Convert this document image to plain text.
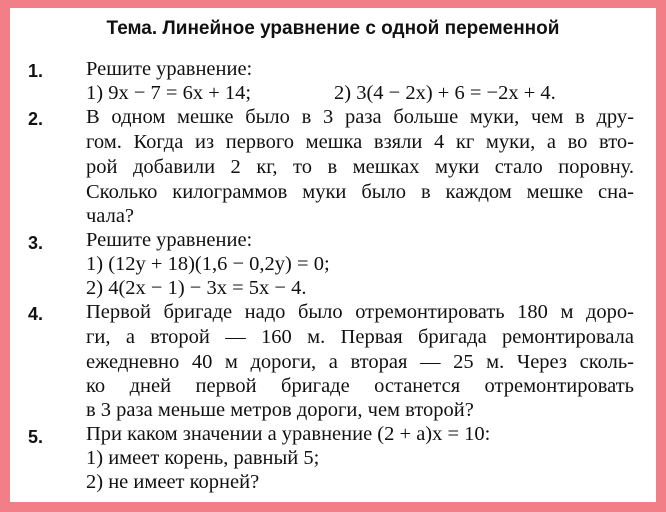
Тема. Линейное уравнение с одной переменной
1.	Решите уравнение:
1) 9x − 7 = 6x + 14;	2) 3(4 − 2x) + 6 = −2x + 4.
2.	В одном мешке было в 3 раза больше муки, чем в дру-
гом. Когда из первого мешка взяли 4 кг муки, а во вто-
рой добавили 2 кг, то в мешках муки стало поровну.
Сколько килограммов муки было в каждом мешке сна-
чала?
3.	Решите уравнение:
1) (12y + 18)(1,6 − 0,2y) = 0;
2) 4(2x − 1) − 3x = 5x − 4.
4.	Первой бригаде надо было отремонтировать 180 м доро-
ги, а второй — 160 м. Первая бригада ремонтировала
ежедневно 40 м дороги, а вторая — 25 м. Через сколь-
ко дней первой бригаде останется отремонтировать
в 3 раза меньше метров дороги, чем второй?
5.	При каком значении a уравнение (2 + a)x = 10:
1) имеет корень, равный 5;
2) не имеет корней?
